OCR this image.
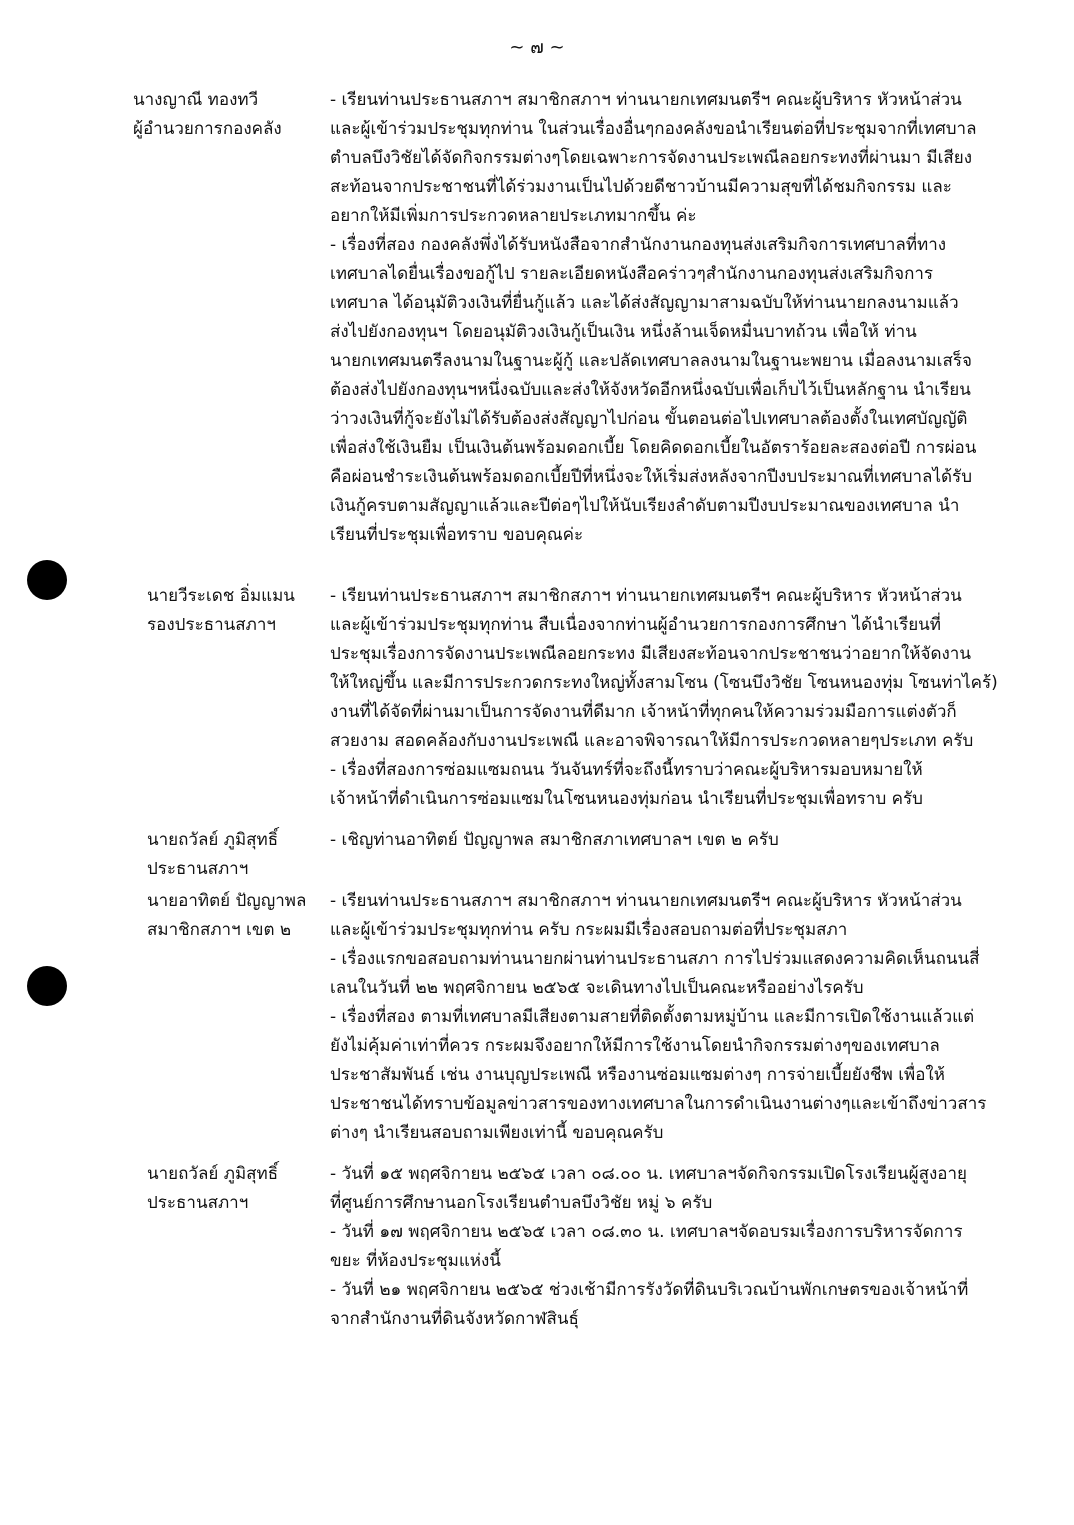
~ ๗ ~
นางญาณี ทองทวี
ผู้อำนวยการกองคลัง
- เรียนท่านประธานสภาฯ สมาชิกสภาฯ ท่านนายกเทศมนตรีฯ คณะผู้บริหาร หัวหน้าส่วน
และผู้เข้าร่วมประชุมทุกท่าน ในส่วนเรื่องอื่นๆกองคลังขอนำเรียนต่อที่ประชุมจากที่เทศบาล
ตำบลบึงวิชัยได้จัดกิจกรรมต่างๆโดยเฉพาะการจัดงานประเพณีลอยกระทงที่ผ่านมา มีเสียง
สะท้อนจากประชาชนที่ได้ร่วมงานเป็นไปด้วยดีชาวบ้านมีความสุขที่ได้ชมกิจกรรม และ
อยากให้มีเพิ่มการประกวดหลายประเภทมากขึ้น ค่ะ
- เรื่องที่สอง กองคลังพึ่งได้รับหนังสือจากสำนักงานกองทุนส่งเสริมกิจการเทศบาลที่ทาง
เทศบาลไดยื่นเรื่องขอกู้ไป รายละเอียดหนังสือคร่าวๆสำนักงานกองทุนส่งเสริมกิจการ
เทศบาล ได้อนุมัติวงเงินที่ยื่นกู้แล้ว และได้ส่งสัญญามาสามฉบับให้ท่านนายกลงนามแล้ว
ส่งไปยังกองทุนฯ โดยอนุมัติวงเงินกู้เป็นเงิน หนึ่งล้านเจ็ดหมื่นบาทถ้วน เพื่อให้ ท่าน
นายกเทศมนตรีลงนามในฐานะผู้กู้ และปลัดเทศบาลลงนามในฐานะพยาน เมื่อลงนามเสร็จ
ต้องส่งไปยังกองทุนฯหนึ่งฉบับและส่งให้จังหวัดอีกหนึ่งฉบับเพื่อเก็บไว้เป็นหลักฐาน นำเรียน
ว่าวงเงินที่กู้จะยังไม่ได้รับต้องส่งสัญญาไปก่อน ขั้นตอนต่อไปเทศบาลต้องตั้งในเทศบัญญัติ
เพื่อส่งใช้เงินยืม เป็นเงินต้นพร้อมดอกเบี้ย โดยคิดดอกเบี้ยในอัตราร้อยละสองต่อปี การผ่อน
คือผ่อนชำระเงินต้นพร้อมดอกเบี้ยปีที่หนึ่งจะให้เริ่มส่งหลังจากปีงบประมาณที่เทศบาลได้รับ
เงินกู้ครบตามสัญญาแล้วและปีต่อๆไปให้นับเรียงลำดับตามปีงบประมาณของเทศบาล นำ
เรียนที่ประชุมเพื่อทราบ ขอบคุณค่ะ
นายวีระเดช อิ่มแมน
รองประธานสภาฯ
- เรียนท่านประธานสภาฯ สมาชิกสภาฯ ท่านนายกเทศมนตรีฯ คณะผู้บริหาร หัวหน้าส่วน
และผู้เข้าร่วมประชุมทุกท่าน สืบเนื่องจากท่านผู้อำนวยการกองการศึกษา ได้นำเรียนที่
ประชุมเรื่องการจัดงานประเพณีลอยกระทง มีเสียงสะท้อนจากประชาชนว่าอยากให้จัดงาน
ให้ใหญ่ขึ้น และมีการประกวดกระทงใหญ่ทั้งสามโซน (โซนบึงวิชัย โซนหนองทุ่ม โซนท่าไคร้)
งานที่ได้จัดที่ผ่านมาเป็นการจัดงานที่ดีมาก เจ้าหน้าที่ทุกคนให้ความร่วมมือการแต่งตัวก็
สวยงาม สอดคล้องกับงานประเพณี และอาจพิจารณาให้มีการประกวดหลายๆประเภท ครับ
- เรื่องที่สองการซ่อมแซมถนน วันจันทร์ที่จะถึงนี้ทราบว่าคณะผู้บริหารมอบหมายให้
เจ้าหน้าที่ดำเนินการซ่อมแซมในโซนหนองทุ่มก่อน นำเรียนที่ประชุมเพื่อทราบ ครับ
นายถวัลย์ ภูมิสุทธิ์
ประธานสภาฯ
- เชิญท่านอาทิตย์ ปัญญาพล สมาชิกสภาเทศบาลฯ เขต ๒ ครับ
นายอาทิตย์ ปัญญาพล
สมาชิกสภาฯ เขต ๒
- เรียนท่านประธานสภาฯ สมาชิกสภาฯ ท่านนายกเทศมนตรีฯ คณะผู้บริหาร หัวหน้าส่วน
และผู้เข้าร่วมประชุมทุกท่าน ครับ กระผมมีเรื่องสอบถามต่อที่ประชุมสภา
- เรื่องแรกขอสอบถามท่านนายกผ่านท่านประธานสภา การไปร่วมแสดงความคิดเห็นถนนสี่
เลนในวันที่ ๒๒ พฤศจิกายน ๒๕๖๕ จะเดินทางไปเป็นคณะหรืออย่างไรครับ
- เรื่องที่สอง ตามที่เทศบาลมีเสียงตามสายที่ติดตั้งตามหมู่บ้าน และมีการเปิดใช้งานแล้วแต่
ยังไม่คุ้มค่าเท่าที่ควร กระผมจึงอยากให้มีการใช้งานโดยนำกิจกรรมต่างๆของเทศบาล
ประชาสัมพันธ์ เช่น งานบุญประเพณี หรืองานซ่อมแซมต่างๆ การจ่ายเบี้ยยังชีพ เพื่อให้
ประชาชนได้ทราบข้อมูลข่าวสารของทางเทศบาลในการดำเนินงานต่างๆและเข้าถึงข่าวสาร
ต่างๆ นำเรียนสอบถามเพียงเท่านี้ ขอบคุณครับ
นายถวัลย์ ภูมิสุทธิ์
ประธานสภาฯ
- วันที่ ๑๕ พฤศจิกายน ๒๕๖๕ เวลา ๐๘.๐๐ น. เทศบาลฯจัดกิจกรรมเปิดโรงเรียนผู้สูงอายุ
ที่ศูนย์การศึกษานอกโรงเรียนตำบลบึงวิชัย หมู่ ๖ ครับ
- วันที่ ๑๗ พฤศจิกายน ๒๕๖๕ เวลา ๐๘.๓๐ น. เทศบาลฯจัดอบรมเรื่องการบริหารจัดการ
ขยะ ที่ห้องประชุมแห่งนี้
- วันที่ ๒๑ พฤศจิกายน ๒๕๖๕ ช่วงเช้ามีการรังวัดที่ดินบริเวณบ้านพักเกษตรของเจ้าหน้าที่
จากสำนักงานที่ดินจังหวัดกาฬสินธุ์
